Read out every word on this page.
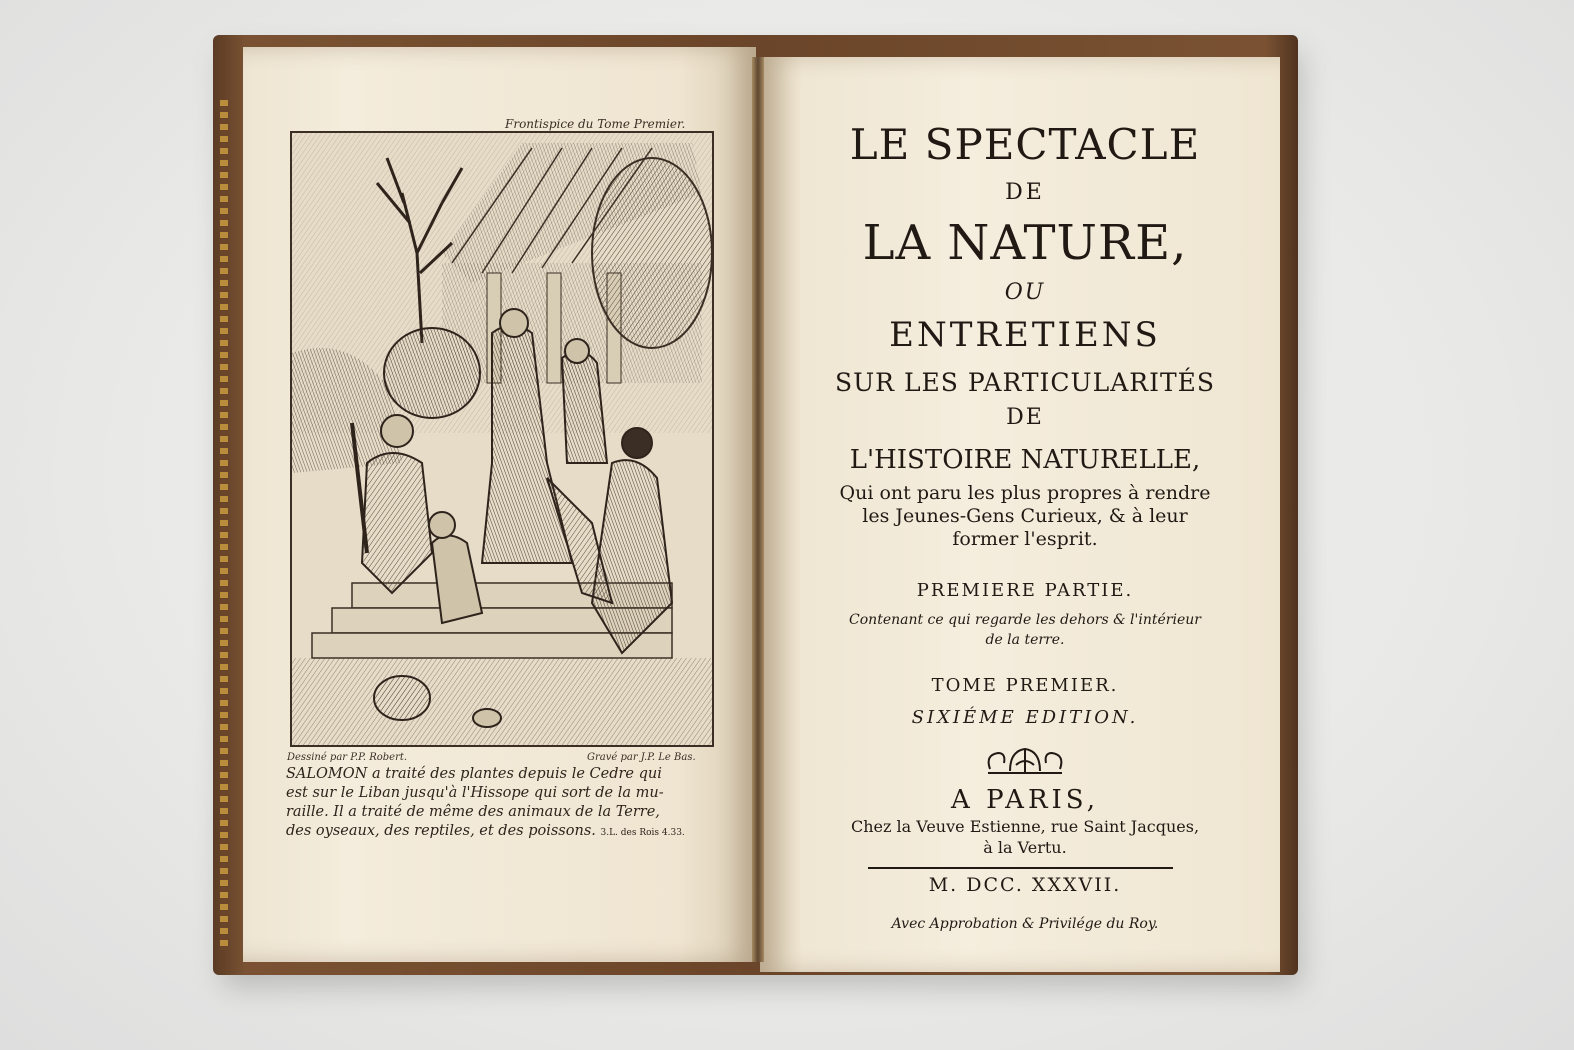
Frontispice du Tome Premier.
Dessiné par P.P. Robert.	Gravé par J.P. Le Bas.
SALOMON a traité des plantes depuis le Cedre qui
est sur le Liban jusqu'à l'Hissope qui sort de la mu-
raille. Il a traité de même des animaux de la Terre,
des oyseaux, des reptiles, et des poissons. 3.L. des Rois 4.33.
LE SPECTACLE
DE
LA NATURE,
OU
ENTRETIENS
SUR LES PARTICULARITÉS
DE
L'HISTOIRE NATURELLE,
Qui ont paru les plus propres à rendre
les Jeunes-Gens Curieux, & à leur
former l'esprit.
PREMIERE PARTIE.
Contenant ce qui regarde les dehors & l'intérieur
de la terre.
TOME PREMIER.
SIXIÉME EDITION.
A PARIS,
Chez la Veuve Estienne, rue Saint Jacques,
à la Vertu.
M. DCC. XXXVII.
Avec Approbation & Privilége du Roy.
